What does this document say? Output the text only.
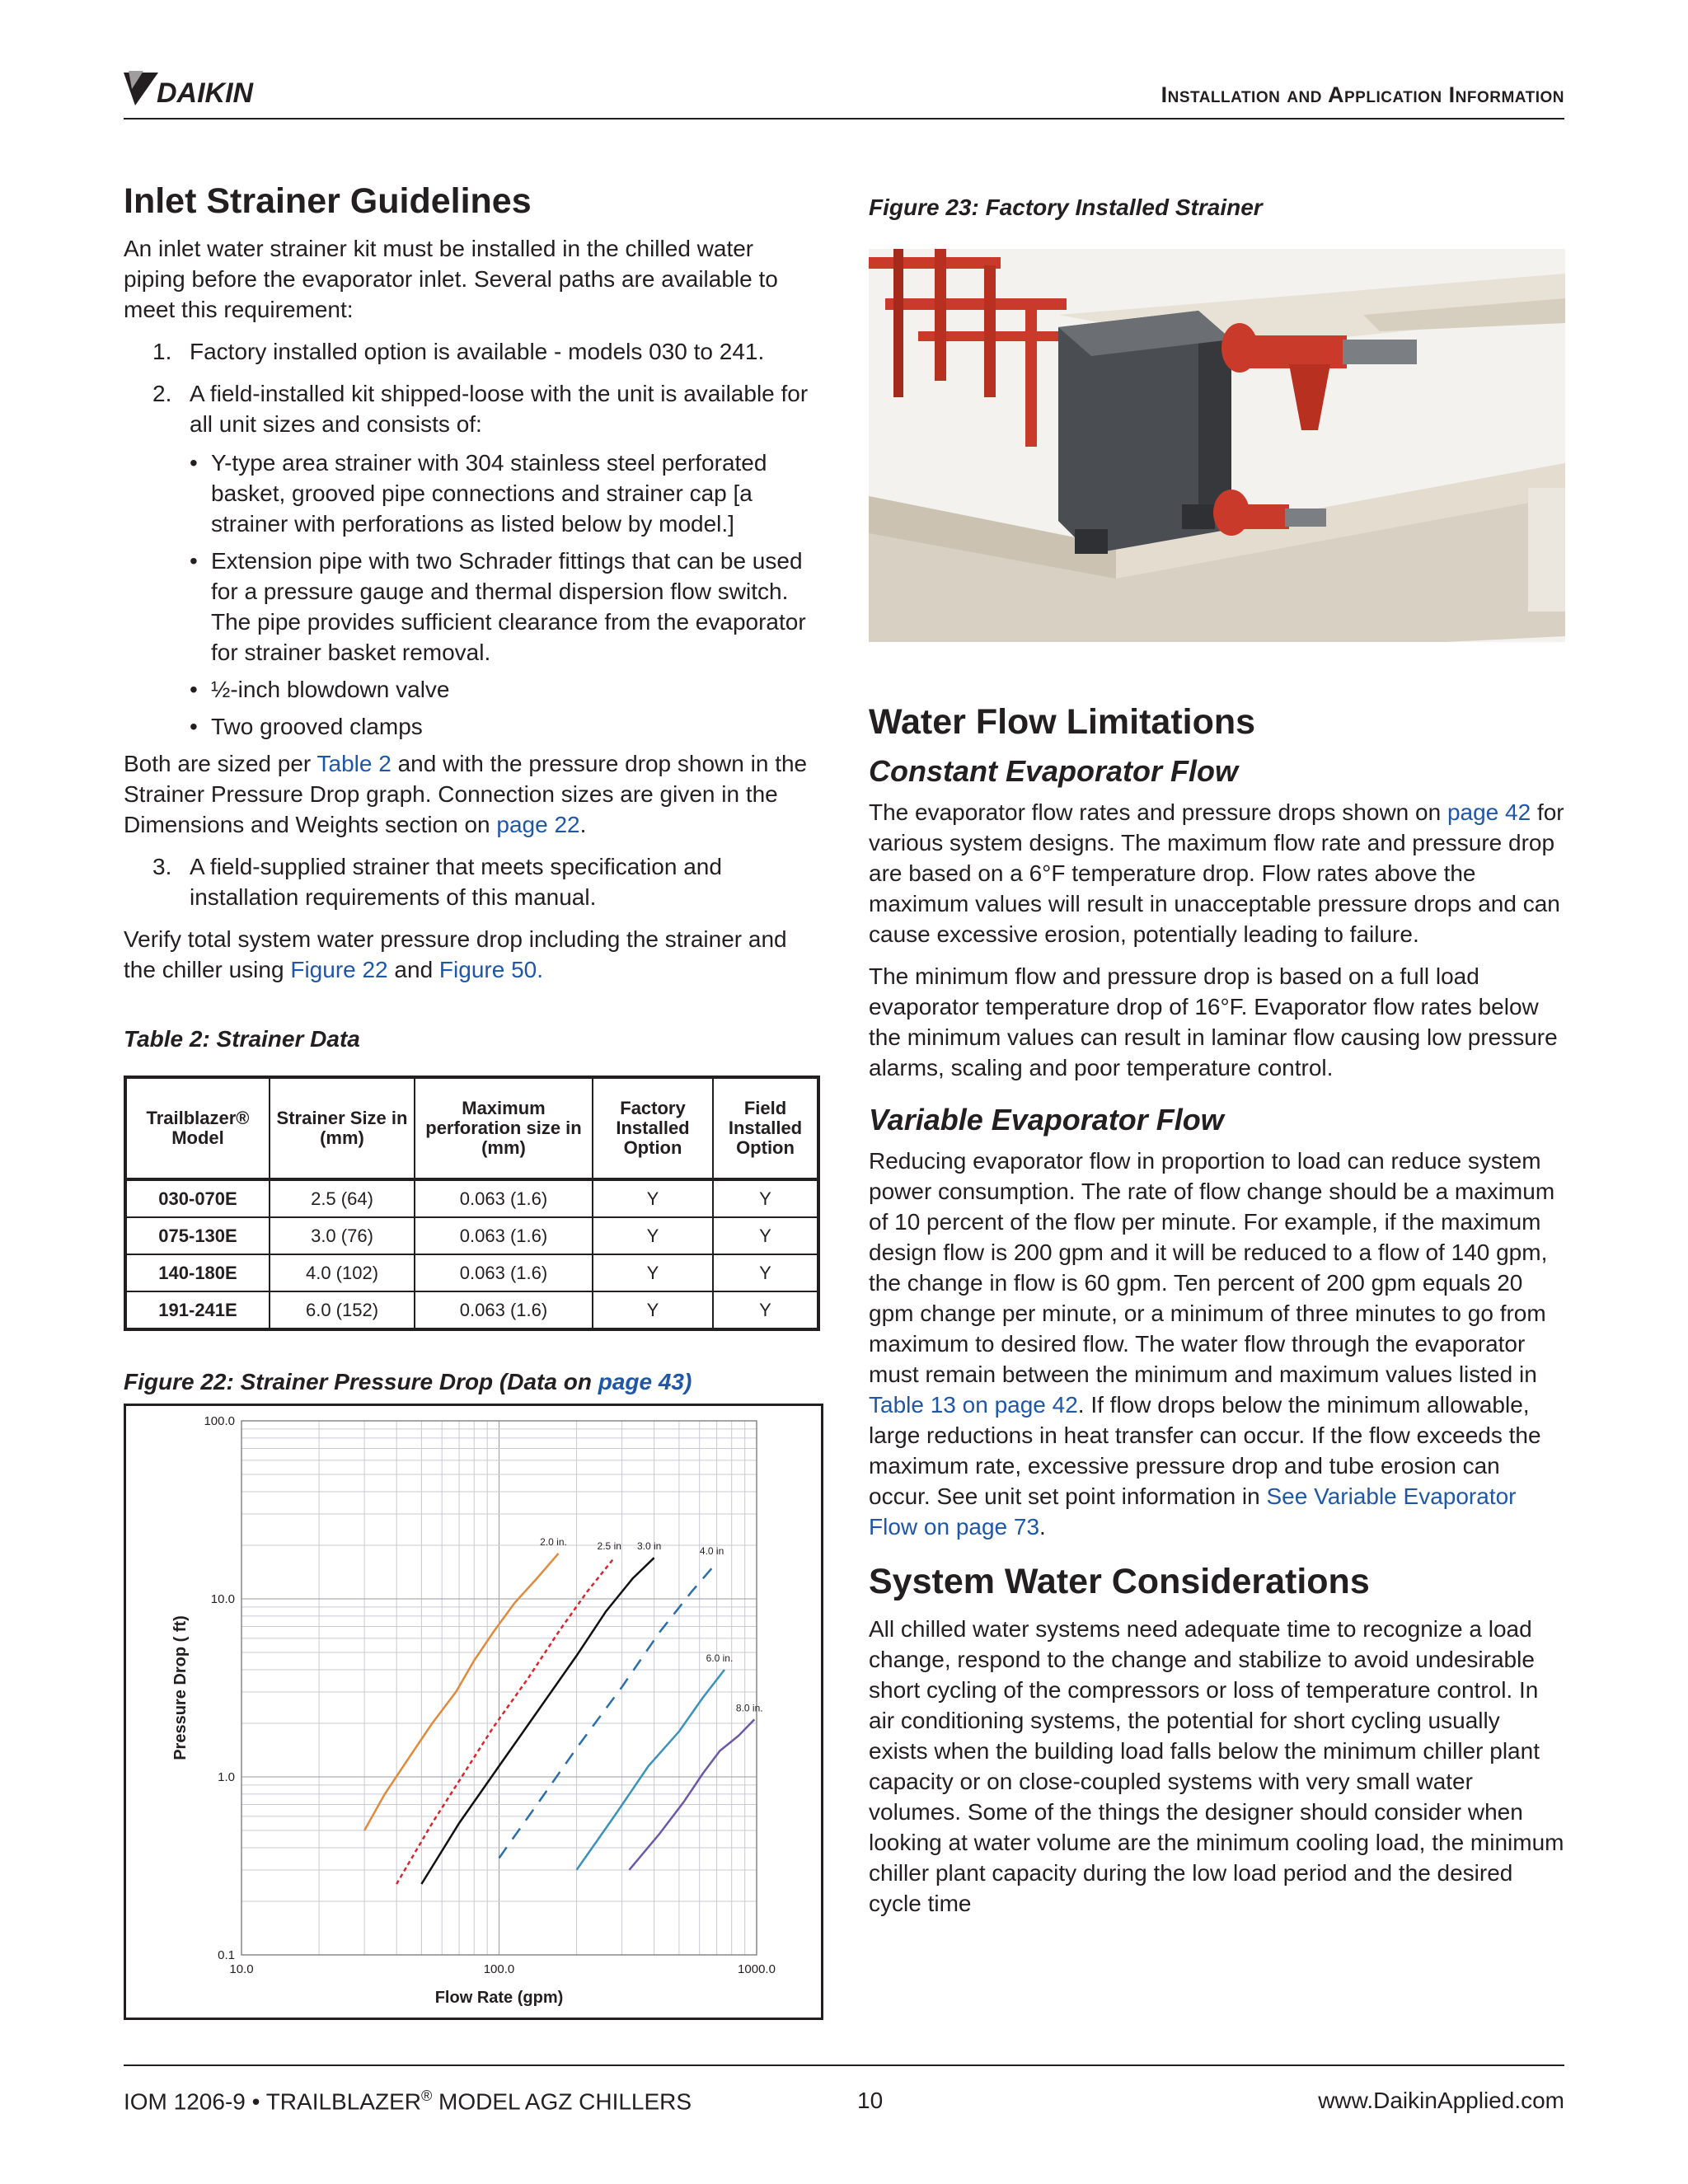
DAIKIN	Installation and Application Information
Inlet Strainer Guidelines

An inlet water strainer kit must be installed in the chilled water piping before the evaporator inlet. Several paths are available to meet this requirement:

1. Factory installed option is available - models 030 to 241.
2. A field-installed kit shipped-loose with the unit is available for all unit sizes and consists of:
• Y-type area strainer with 304 stainless steel perforated basket, grooved pipe connections and strainer cap [a strainer with perforations as listed below by model.]
• Extension pipe with two Schrader fittings that can be used for a pressure gauge and thermal dispersion flow switch. The pipe provides sufficient clearance from the evaporator for strainer basket removal.
• ½-inch blowdown valve
• Two grooved clamps

Both are sized per Table 2 and with the pressure drop shown in the Strainer Pressure Drop graph. Connection sizes are given in the Dimensions and Weights section on page 22.

3. A field-supplied strainer that meets specification and installation requirements of this manual.

Verify total system water pressure drop including the strainer and the chiller using Figure 22 and Figure 50.

Table 2: Strainer Data
Trailblazer® Model	Strainer Size in (mm)	Maximum perforation size in (mm)	Factory Installed Option	Field Installed Option
030-070E	2.5 (64)	0.063 (1.6)	Y	Y
075-130E	3.0 (76)	0.063 (1.6)	Y	Y
140-180E	4.0 (102)	0.063 (1.6)	Y	Y
191-241E	6.0 (152)	0.063 (1.6)	Y	Y
Figure 22: Strainer Pressure Drop (Data on page 43)
0.1
1.0
10.0
100.0
10.0	100.0	1000.0
Flow Rate (gpm)
Pressure Drop ( ft)
2.0 in.	2.5 in 3.0 in	4.0 in
6.0 in.
8.0 in.
Figure 23: Factory Installed Strainer
Water Flow Limitations
Constant Evaporator Flow

The evaporator flow rates and pressure drops shown on page 42 for various system designs. The maximum flow rate and pressure drop are based on a 6°F temperature drop. Flow rates above the maximum values will result in unacceptable pressure drops and can cause excessive erosion, potentially leading to failure.

The minimum flow and pressure drop is based on a full load evaporator temperature drop of 16°F. Evaporator flow rates below the minimum values can result in laminar flow causing low pressure alarms, scaling and poor temperature control.

Variable Evaporator Flow

Reducing evaporator flow in proportion to load can reduce system power consumption. The rate of flow change should be a maximum of 10 percent of the flow per minute. For example, if the maximum design flow is 200 gpm and it will be reduced to a flow of 140 gpm, the change in flow is 60 gpm. Ten percent of 200 gpm equals 20 gpm change per minute, or a minimum of three minutes to go from maximum to desired flow. The water flow through the evaporator must remain between the minimum and maximum values listed in Table 13 on page 42. If flow drops below the minimum allowable, large reductions in heat transfer can occur. If the flow exceeds the maximum rate, excessive pressure drop and tube erosion can occur. See unit set point information in See Variable Evaporator Flow on page 73.

System Water Considerations

All chilled water systems need adequate time to recognize a load change, respond to the change and stabilize to avoid undesirable short cycling of the compressors or loss of temperature control. In air conditioning systems, the potential for short cycling usually exists when the building load falls below the minimum chiller plant capacity or on close-coupled systems with very small water volumes. Some of the things the designer should consider when looking at water volume are the minimum cooling load, the minimum chiller plant capacity during the low load period and the desired cycle time

IOM 1206-9 • TRAILBLAZER® MODEL AGZ CHILLERS	10	www.DaikinApplied.com
